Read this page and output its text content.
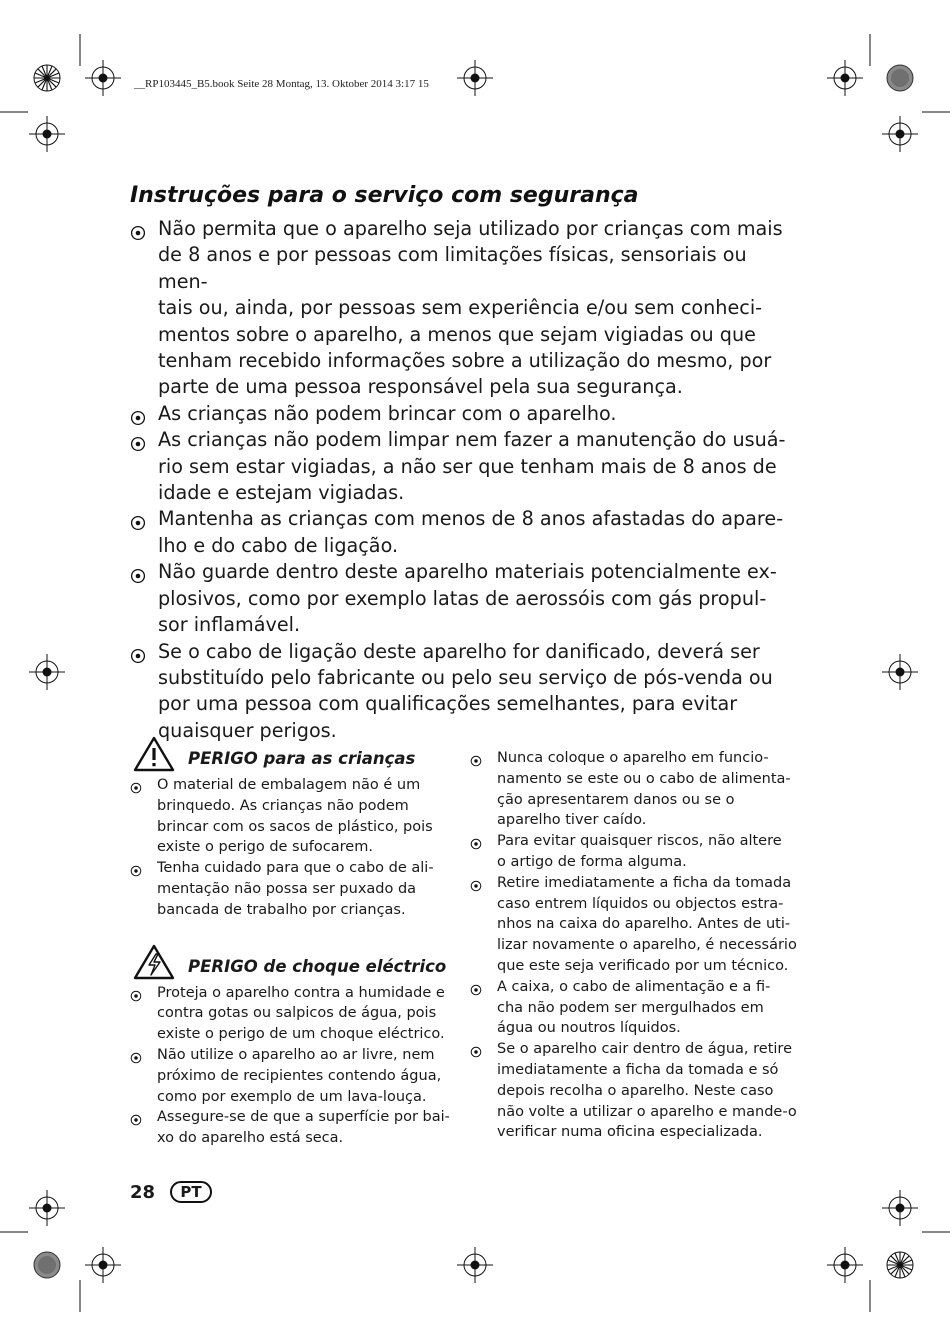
__RP103445_B5.book Seite 28 Montag, 13. Oktober 2014 3:17 15
Instruções para o serviço com segurança
Não permita que o aparelho seja utilizado por crianças com mais
de 8 anos e por pessoas com limitações físicas, sensoriais ou men-
tais ou, ainda, por pessoas sem experiência e/ou sem conheci-
mentos sobre o aparelho, a menos que sejam vigiadas ou que
tenham recebido informações sobre a utilização do mesmo, por
parte de uma pessoa responsável pela sua segurança.
As crianças não podem brincar com o aparelho.
As crianças não podem limpar nem fazer a manutenção do usuá-
rio sem estar vigiadas, a não ser que tenham mais de 8 anos de
idade e estejam vigiadas.
Mantenha as crianças com menos de 8 anos afastadas do apare-
lho e do cabo de ligação.
Não guarde dentro deste aparelho materiais potencialmente ex-
plosivos, como por exemplo latas de aerossóis com gás propul-
sor inflamável.
Se o cabo de ligação deste aparelho for danificado, deverá ser
substituído pelo fabricante ou pelo seu serviço de pós-venda ou
por uma pessoa com qualificações semelhantes, para evitar
quaisquer perigos.
PERIGO para as crianças
O material de embalagem não é um
brinquedo. As crianças não podem
brincar com os sacos de plástico, pois
existe o perigo de sufocarem.
Tenha cuidado para que o cabo de ali-
mentação não possa ser puxado da
bancada de trabalho por crianças.
PERIGO de choque eléctrico
Proteja o aparelho contra a humidade e
contra gotas ou salpicos de água, pois
existe o perigo de um choque eléctrico.
Não utilize o aparelho ao ar livre, nem
próximo de recipientes contendo água,
como por exemplo de um lava-louça.
Assegure-se de que a superfície por bai-
xo do aparelho está seca.
Nunca coloque o aparelho em funcio-
namento se este ou o cabo de alimenta-
ção apresentarem danos ou se o
aparelho tiver caído.
Para evitar quaisquer riscos, não altere
o artigo de forma alguma.
Retire imediatamente a ficha da tomada
caso entrem líquidos ou objectos estra-
nhos na caixa do aparelho. Antes de uti-
lizar novamente o aparelho, é necessário
que este seja verificado por um técnico.
A caixa, o cabo de alimentação e a fi-
cha não podem ser mergulhados em
água ou noutros líquidos.
Se o aparelho cair dentro de água, retire
imediatamente a ficha da tomada e só
depois recolha o aparelho. Neste caso
não volte a utilizar o aparelho e mande-o
verificar numa oficina especializada.
28	PT
